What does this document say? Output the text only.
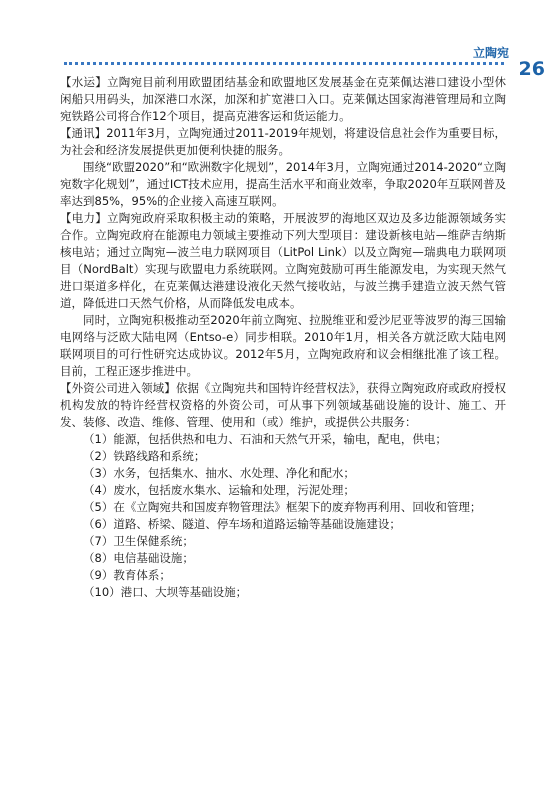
立陶宛
26

【水运】立陶宛目前利用欧盟团结基金和欧盟地区发展基金在克莱佩达港口建设小型休闲船只用码头，加深港口水深，加深和扩宽港口入口。克莱佩达国家海港管理局和立陶宛铁路公司将合作12个项目，提高克港客运和货运能力。

【通讯】2011年3月，立陶宛通过2011-2019年规划，将建设信息社会作为重要目标，为社会和经济发展提供更加便利快捷的服务。

围绕“欧盟2020”和“欧洲数字化规划”，2014年3月，立陶宛通过2014-2020“立陶宛数字化规划”，通过ICT技术应用，提高生活水平和商业效率，争取2020年互联网普及率达到85%，95%的企业接入高速互联网。

【电力】立陶宛政府采取积极主动的策略，开展波罗的海地区双边及多边能源领域务实合作。立陶宛政府在能源电力领域主要推动下列大型项目：建设新核电站—维萨吉纳斯核电站；通过立陶宛—波兰电力联网项目（LitPol Link）以及立陶宛—瑞典电力联网项目（NordBalt）实现与欧盟电力系统联网。立陶宛鼓励可再生能源发电，为实现天然气进口渠道多样化，在克莱佩达港建设液化天然气接收站，与波兰携手建造立波天然气管道，降低进口天然气价格，从而降低发电成本。

同时，立陶宛积极推动至2020年前立陶宛、拉脱维亚和爱沙尼亚等波罗的海三国输电网络与泛欧大陆电网（Entso-e）同步相联。2010年1月，相关各方就泛欧大陆电网联网项目的可行性研究达成协议。2012年5月，立陶宛政府和议会相继批准了该工程。目前，工程正逐步推进中。

【外资公司进入领域】依据《立陶宛共和国特许经营权法》，获得立陶宛政府或政府授权机构发放的特许经营权资格的外资公司，可从事下列领域基础设施的设计、施工、开发、装修、改造、维修、管理、使用和（或）维护，或提供公共服务：

（1）能源，包括供热和电力、石油和天然气开采，输电，配电，供电；

（2）铁路线路和系统；

（3）水务，包括集水、抽水、水处理、净化和配水；

（4）废水，包括废水集水、运输和处理，污泥处理；

（5）在《立陶宛共和国废弃物管理法》框架下的废弃物再利用、回收和管理；

（6）道路、桥梁、隧道、停车场和道路运输等基础设施建设；

（7）卫生保健系统；

（8）电信基础设施；

（9）教育体系；

（10）港口、大坝等基础设施；
